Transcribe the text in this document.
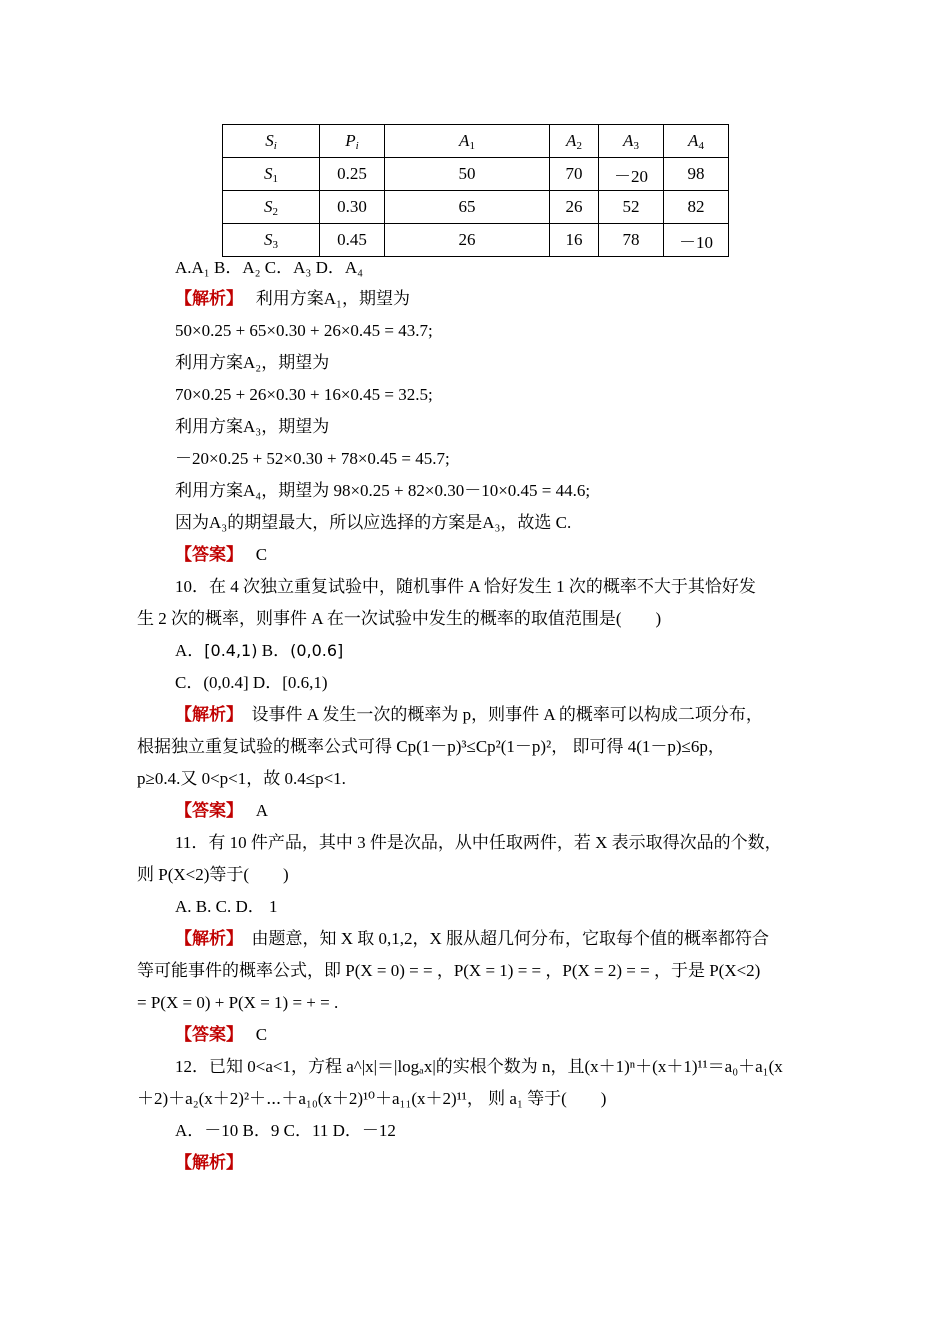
$S_i$	$P_i$	$A_1$	$A_2$	$A_3$	$A_4$
$S_1$	0.25	50	70	－20	98
$S_2$	0.30	65	26	52	82
$S_3$	0.45	26	16	78	－10
A.A₁ B．A₂ C．A₃ D．A₄
【解析】 利用方案A₁，期望为
50×0.25 + 65×0.30 + 26×0.45 = 43.7;
利用方案A₂，期望为
70×0.25 + 26×0.30 + 16×0.45 = 32.5;
利用方案A₃，期望为
－20×0.25 + 52×0.30 + 78×0.45 = 45.7;
利用方案A₄，期望为 98×0.25 + 82×0.30－10×0.45 = 44.6;
因为A₃的期望最大，所以应选择的方案是A₃，故选 C.
【答案】 C
10．在 4 次独立重复试验中，随机事件 A 恰好发生 1 次的概率不大于其恰好发
生 2 次的概率，则事件 A 在一次试验中发生的概率的取值范围是(　　)
A．[0.4,1) B．(0,0.6]
C．(0,0.4] D．[0.6,1)
【解析】 设事件 A 发生一次的概率为 p，则事件 A 的概率可以构成二项分布，
根据独立重复试验的概率公式可得 Cp(1－p)³≤Cp²(1－p)²， 即可得 4(1－p)≤6p，
p≥0.4.又 0<p<1，故 0.4≤p<1.
【答案】 A
11．有 10 件产品，其中 3 件是次品，从中任取两件，若 X 表示取得次品的个数，
则 P(X<2)等于(　　)
A. B. C. D． 1
【解析】 由题意，知 X 取 0,1,2，X 服从超几何分布，它取每个值的概率都符合
等可能事件的概率公式，即 P(X = 0) = = ，P(X = 1) = = ，P(X = 2) = = ，于是 P(X<2)
= P(X = 0) + P(X = 1) = + = .
【答案】 C
12．已知 0<a<1，方程 a^|x|＝|logₐx|的实根个数为 n，且(x＋1)ⁿ＋(x＋1)¹¹＝a₀＋a₁(x
＋2)＋a₂(x＋2)²＋⋯＋a₁₀(x＋2)¹⁰＋a₁₁(x＋2)¹¹， 则 a₁ 等于(　　)
A．－10 B．9 C．11 D．－12
【解析】
